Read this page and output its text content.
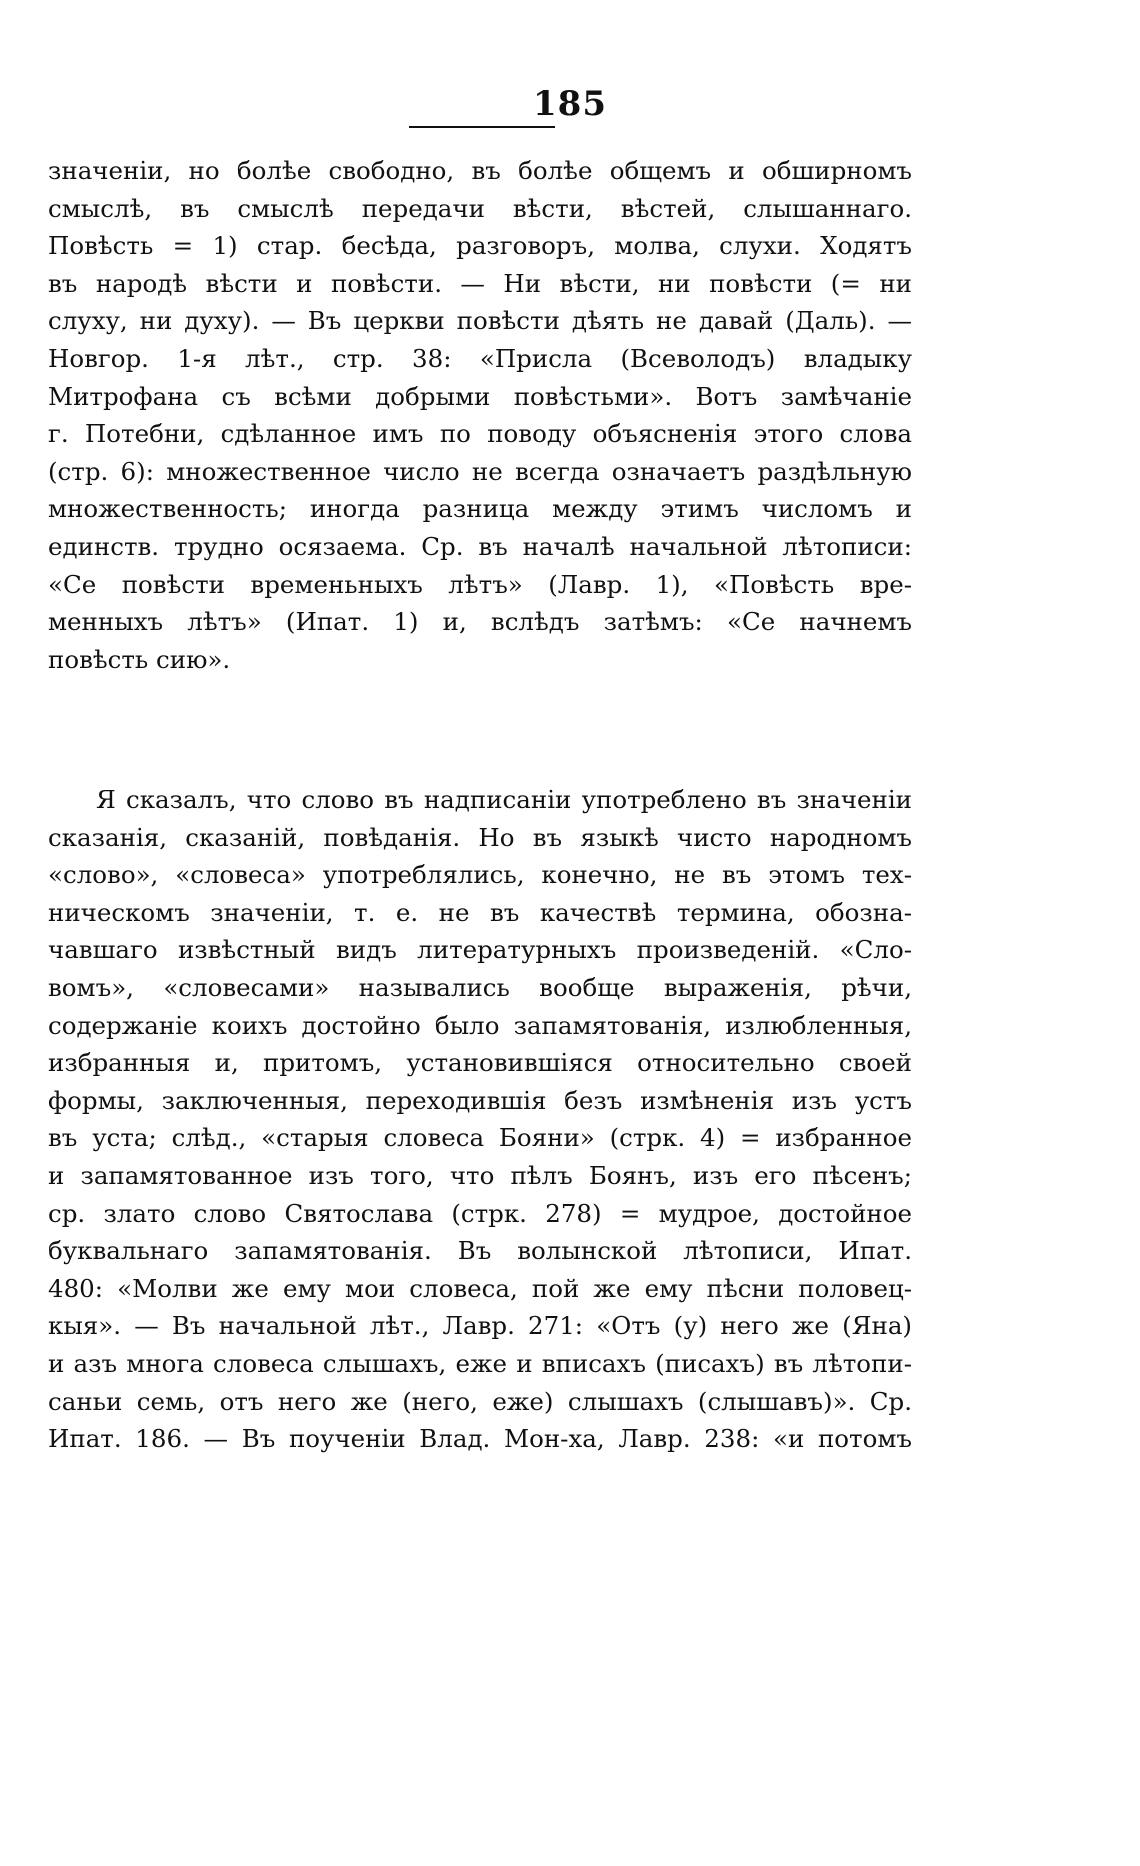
185
значенiи, но болѣе свободно, въ болѣе общемъ и обширномъ
смыслѣ, въ смыслѣ передачи вѣсти, вѣстей, слышаннаго.
Повѣсть = 1) стар. бесѣда, разговоръ, молва, слухи. Ходятъ
въ народѣ вѣсти и повѣсти. — Ни вѣсти, ни повѣсти (= ни
слуху, ни духу). — Въ церкви повѣсти дѣять не давай (Даль). —
Новгор. 1-я лѣт., стр. 38: «Присла (Всеволодъ) владыку
Митрофана съ всѣми добрыми повѣстьми». Вотъ замѣчанiе
г. Потебни, сдѣланное имъ по поводу объясненiя этого слова
(стр. 6): множественное число не всегда означаетъ раздѣльную
множественность; иногда разница между этимъ числомъ и
единств. трудно осязаема. Ср. въ началѣ начальной лѣтописи:
«Се повѣсти временьныхъ лѣтъ» (Лавр. 1), «Повѣсть вре-
менныхъ лѣтъ» (Ипат. 1) и, вслѣдъ затѣмъ: «Се начнемъ
повѣсть сию».
Я сказалъ, что слово въ надписанiи употреблено въ значенiи
сказанiя, сказанiй, повѣданiя. Но въ языкѣ чисто народномъ
«слово», «словеса» употреблялись, конечно, не въ этомъ тех-
ническомъ значенiи, т. е. не въ качествѣ термина, обозна-
чавшаго извѣстный видъ литературныхъ произведенiй. «Сло-
вомъ», «словесами» назывались вообще выраженiя, рѣчи,
содержанiе коихъ достойно было запамятованiя, излюбленныя,
избранныя и, притомъ, установившiяся относительно своей
формы, заключенныя, переходившiя безъ измѣненiя изъ устъ
въ уста; слѣд., «старыя словеса Бояни» (стрк. 4) = избранное
и запамятованное изъ того, что пѣлъ Боянъ, изъ его пѣсенъ;
ср. злато слово Святослава (стрк. 278) = мудрое, достойное
буквальнаго запамятованiя. Въ волынской лѣтописи, Ипат.
480: «Молви же ему мои словеса, пой же ему пѣсни половец-
кыя». — Въ начальной лѣт., Лавр. 271: «Отъ (у) него же (Яна)
и азъ многа словеса слышахъ, еже и вписахъ (писахъ) въ лѣтопи-
саньи семь, отъ него же (него, еже) слышахъ (слышавъ)». Ср.
Ипат. 186. — Въ поученiи Влад. Мон-ха, Лавр. 238: «и потомъ
